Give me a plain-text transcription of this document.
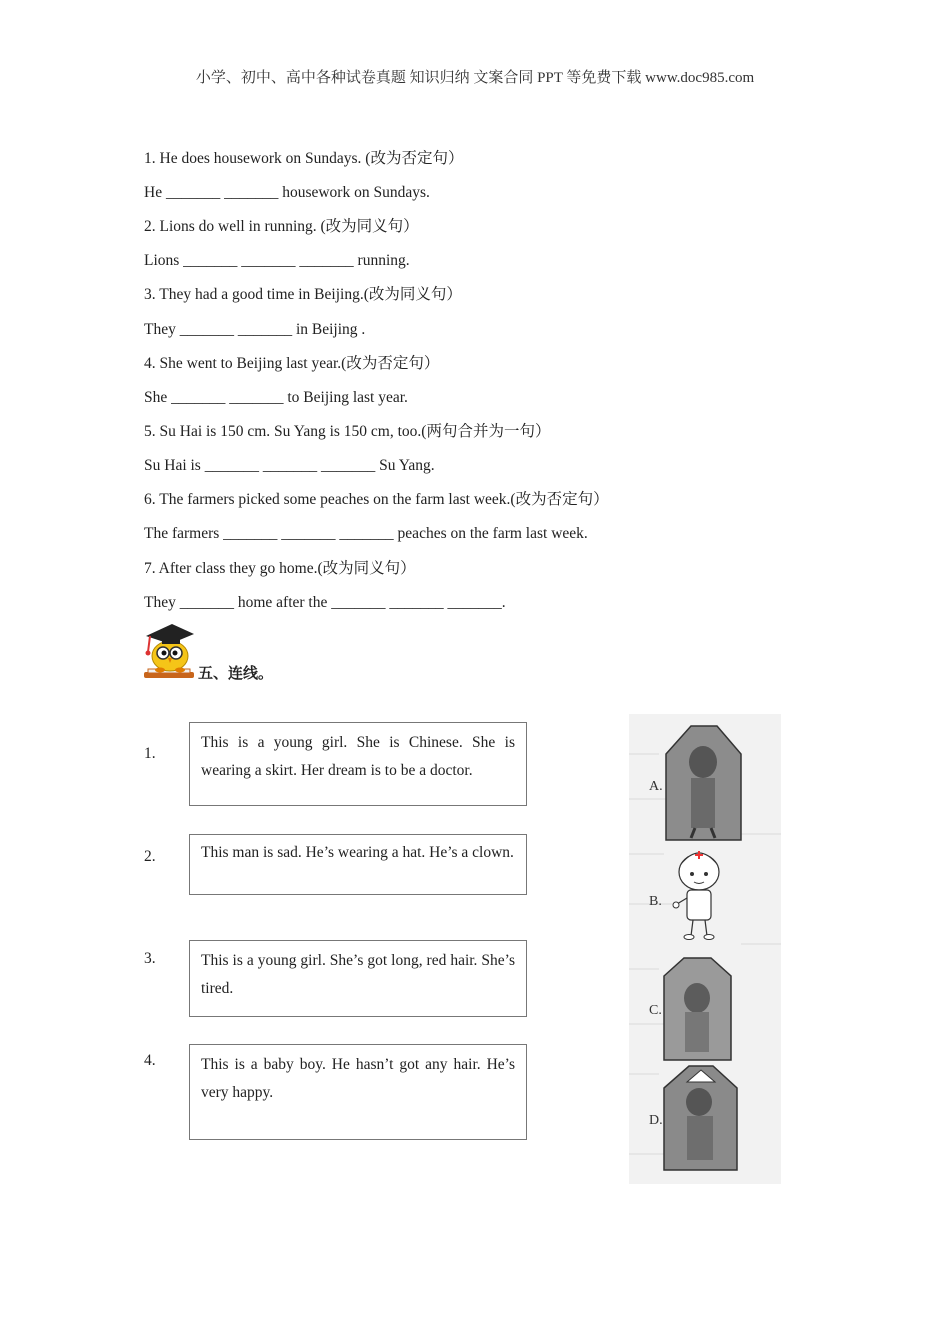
小学、初中、高中各种试卷真题 知识归纳 文案合同 PPT 等免费下载 www.doc985.com
1. He does housework on Sundays. (改为否定句）
He _______ _______ housework on Sundays.
2. Lions do well in running. (改为同义句）
Lions _______ _______ _______ running.
3. They had a good time in Beijing.(改为同义句）
They _______ _______ in Beijing .
4. She went to Beijing last year.(改为否定句）
She _______ _______ to Beijing last year.
5. Su Hai is 150 cm. Su Yang is 150 cm, too.(两句合并为一句）
Su Hai is _______ _______ _______ Su Yang.
6. The farmers picked some peaches on the farm last week.(改为否定句）
The farmers _______ _______ _______ peaches on the farm last week.
7. After class they go home.(改为同义句）
They _______ home after the _______ _______ _______.
五、连线。
1.
This is a young girl. She is Chinese. She is wearing a skirt. Her dream is to be a doctor.
2.	This man is sad. He’s wearing a hat. He’s a clown.
3.	This is a young girl. She’s got long, red hair. She’s tired.
4.	This is a baby boy. He hasn’t got any hair. He’s very happy.
A.
B.
C.
D.
